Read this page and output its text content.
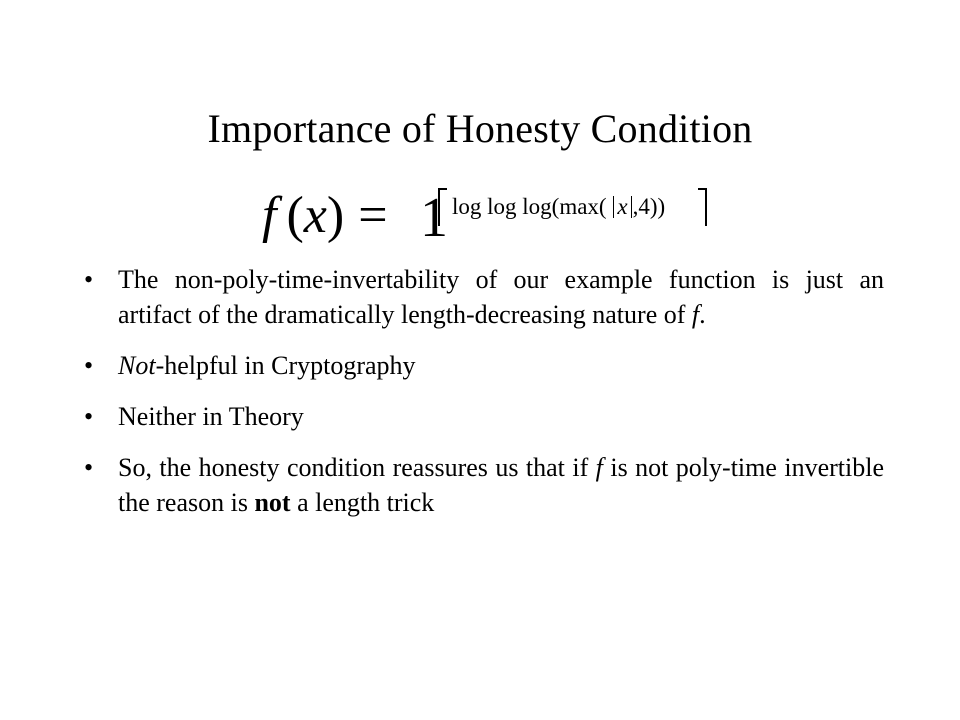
Importance of Honesty Condition
f (x) = 1 log log log(max( x ,4))
• The non-poly-time-invertability of our example function is just an artifact of the dramatically length-decreasing nature of f.
• Not-helpful in Cryptography
• Neither in Theory
• So, the honesty condition reassures us that if f is not poly-time invertible the reason is not a length trick
